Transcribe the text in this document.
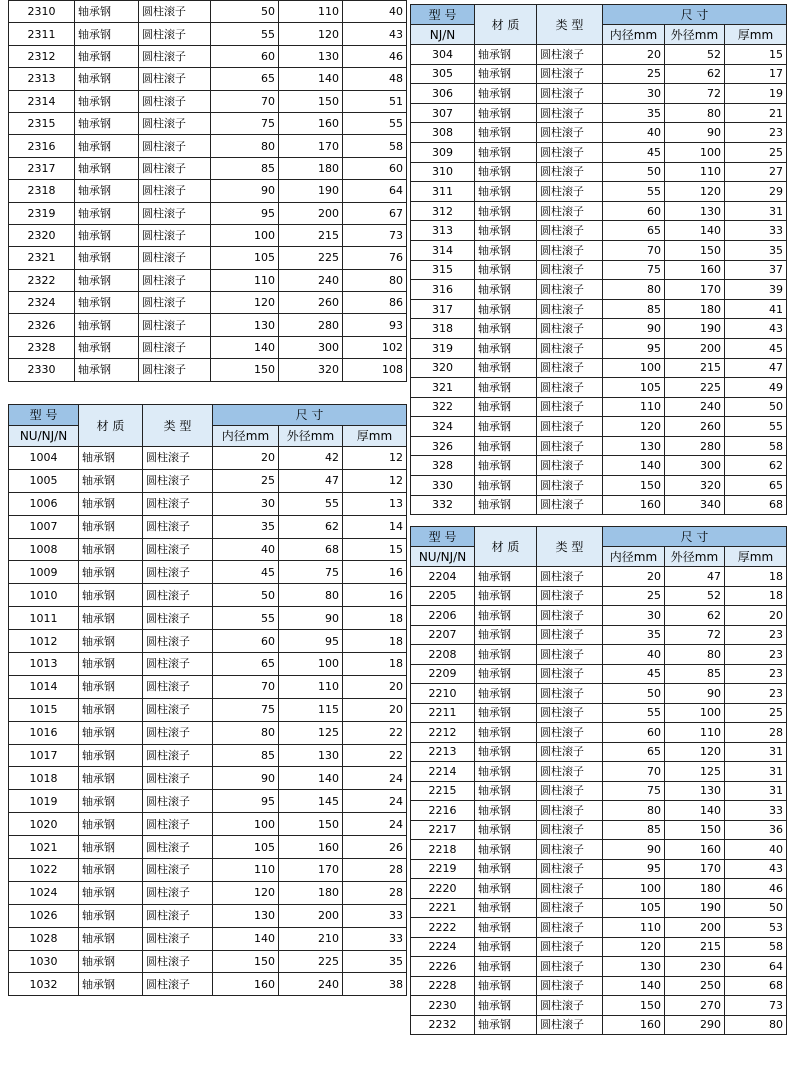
2310	轴承钢	圆柱滚子	50	110	40
2311	轴承钢	圆柱滚子	55	120	43
2312	轴承钢	圆柱滚子	60	130	46
2313	轴承钢	圆柱滚子	65	140	48
2314	轴承钢	圆柱滚子	70	150	51
2315	轴承钢	圆柱滚子	75	160	55
2316	轴承钢	圆柱滚子	80	170	58
2317	轴承钢	圆柱滚子	85	180	60
2318	轴承钢	圆柱滚子	90	190	64
2319	轴承钢	圆柱滚子	95	200	67
2320	轴承钢	圆柱滚子	100	215	73
2321	轴承钢	圆柱滚子	105	225	76
2322	轴承钢	圆柱滚子	110	240	80
2324	轴承钢	圆柱滚子	120	260	86
2326	轴承钢	圆柱滚子	130	280	93
2328	轴承钢	圆柱滚子	140	300	102
2330	轴承钢	圆柱滚子	150	320	108
型 号	材 质	类 型	尺 寸		
NU/NJ/N			内径mm	外径mm	厚mm
1004	轴承钢	圆柱滚子	20	42	12
1005	轴承钢	圆柱滚子	25	47	12
1006	轴承钢	圆柱滚子	30	55	13
1007	轴承钢	圆柱滚子	35	62	14
1008	轴承钢	圆柱滚子	40	68	15
1009	轴承钢	圆柱滚子	45	75	16
1010	轴承钢	圆柱滚子	50	80	16
1011	轴承钢	圆柱滚子	55	90	18
1012	轴承钢	圆柱滚子	60	95	18
1013	轴承钢	圆柱滚子	65	100	18
1014	轴承钢	圆柱滚子	70	110	20
1015	轴承钢	圆柱滚子	75	115	20
1016	轴承钢	圆柱滚子	80	125	22
1017	轴承钢	圆柱滚子	85	130	22
1018	轴承钢	圆柱滚子	90	140	24
1019	轴承钢	圆柱滚子	95	145	24
1020	轴承钢	圆柱滚子	100	150	24
1021	轴承钢	圆柱滚子	105	160	26
1022	轴承钢	圆柱滚子	110	170	28
1024	轴承钢	圆柱滚子	120	180	28
1026	轴承钢	圆柱滚子	130	200	33
1028	轴承钢	圆柱滚子	140	210	33
1030	轴承钢	圆柱滚子	150	225	35
1032	轴承钢	圆柱滚子	160	240	38
型 号	材 质	类 型	尺 寸		
NJ/N			内径mm	外径mm	厚mm
304	轴承钢	圆柱滚子	20	52	15
305	轴承钢	圆柱滚子	25	62	17
306	轴承钢	圆柱滚子	30	72	19
307	轴承钢	圆柱滚子	35	80	21
308	轴承钢	圆柱滚子	40	90	23
309	轴承钢	圆柱滚子	45	100	25
310	轴承钢	圆柱滚子	50	110	27
311	轴承钢	圆柱滚子	55	120	29
312	轴承钢	圆柱滚子	60	130	31
313	轴承钢	圆柱滚子	65	140	33
314	轴承钢	圆柱滚子	70	150	35
315	轴承钢	圆柱滚子	75	160	37
316	轴承钢	圆柱滚子	80	170	39
317	轴承钢	圆柱滚子	85	180	41
318	轴承钢	圆柱滚子	90	190	43
319	轴承钢	圆柱滚子	95	200	45
320	轴承钢	圆柱滚子	100	215	47
321	轴承钢	圆柱滚子	105	225	49
322	轴承钢	圆柱滚子	110	240	50
324	轴承钢	圆柱滚子	120	260	55
326	轴承钢	圆柱滚子	130	280	58
328	轴承钢	圆柱滚子	140	300	62
330	轴承钢	圆柱滚子	150	320	65
332	轴承钢	圆柱滚子	160	340	68
型 号	材 质	类 型	尺 寸		
NU/NJ/N			内径mm	外径mm	厚mm
2204	轴承钢	圆柱滚子	20	47	18
2205	轴承钢	圆柱滚子	25	52	18
2206	轴承钢	圆柱滚子	30	62	20
2207	轴承钢	圆柱滚子	35	72	23
2208	轴承钢	圆柱滚子	40	80	23
2209	轴承钢	圆柱滚子	45	85	23
2210	轴承钢	圆柱滚子	50	90	23
2211	轴承钢	圆柱滚子	55	100	25
2212	轴承钢	圆柱滚子	60	110	28
2213	轴承钢	圆柱滚子	65	120	31
2214	轴承钢	圆柱滚子	70	125	31
2215	轴承钢	圆柱滚子	75	130	31
2216	轴承钢	圆柱滚子	80	140	33
2217	轴承钢	圆柱滚子	85	150	36
2218	轴承钢	圆柱滚子	90	160	40
2219	轴承钢	圆柱滚子	95	170	43
2220	轴承钢	圆柱滚子	100	180	46
2221	轴承钢	圆柱滚子	105	190	50
2222	轴承钢	圆柱滚子	110	200	53
2224	轴承钢	圆柱滚子	120	215	58
2226	轴承钢	圆柱滚子	130	230	64
2228	轴承钢	圆柱滚子	140	250	68
2230	轴承钢	圆柱滚子	150	270	73
2232	轴承钢	圆柱滚子	160	290	80
